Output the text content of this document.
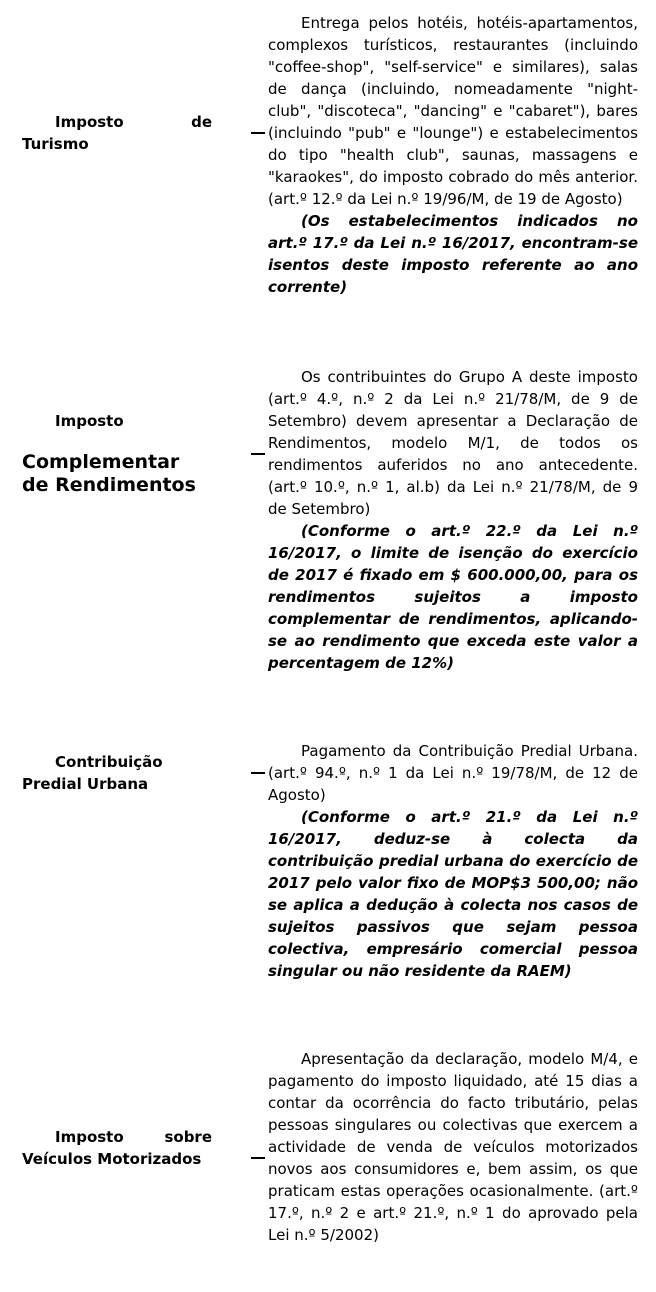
Imposto de Turismo

Entrega pelos hotéis, hotéis-apartamentos, complexos turísticos, restaurantes (incluindo "coffee-shop", "self-service" e similares), salas de dança (incluindo, nomeadamente "night-club", "discoteca", "dancing" e "cabaret"), bares (incluindo "pub" e "lounge") e estabelecimentos do tipo "health club", saunas, massagens e "karaokes", do imposto cobrado do mês anterior. (art.º 12.º da Lei n.º 19/96/M, de 19 de Agosto)

(Os estabelecimentos indicados no art.º 17.º da Lei n.º 16/2017, encontram-se isentos deste imposto referente ao ano corrente)

Imposto
Complementar de Rendimentos

Os contribuintes do Grupo A deste imposto (art.º 4.º, n.º 2 da Lei n.º 21/78/M, de 9 de Setembro) devem apresentar a Declaração de Rendimentos, modelo M/1, de todos os rendimentos auferidos no ano antecedente. (art.º 10.º, n.º 1, al.b) da Lei n.º 21/78/M, de 9 de Setembro)

(Conforme o art.º 22.º da Lei n.º 16/2017, o limite de isenção do exercício de 2017 é fixado em $ 600.000,00, para os rendimentos sujeitos a imposto complementar de rendimentos, aplicando-se ao rendimento que exceda este valor a percentagem de 12%)

Contribuição Predial Urbana

Pagamento da Contribuição Predial Urbana. (art.º 94.º, n.º 1 da Lei n.º 19/78/M, de 12 de Agosto)

(Conforme o art.º 21.º da Lei n.º 16/2017, deduz-se à colecta da contribuição predial urbana do exercício de 2017 pelo valor fixo de MOP$3 500,00; não se aplica a dedução à colecta nos casos de sujeitos passivos que sejam pessoa colectiva, empresário comercial pessoa singular ou não residente da RAEM)

Imposto sobre Veículos Motorizados

Apresentação da declaração, modelo M/4, e pagamento do imposto liquidado, até 15 dias a contar da ocorrência do facto tributário, pelas pessoas singulares ou colectivas que exercem a actividade de venda de veículos motorizados novos aos consumidores e, bem assim, os que praticam estas operações ocasionalmente. (art.º 17.º, n.º 2 e art.º 21.º, n.º 1 do aprovado pela Lei n.º 5/2002)
